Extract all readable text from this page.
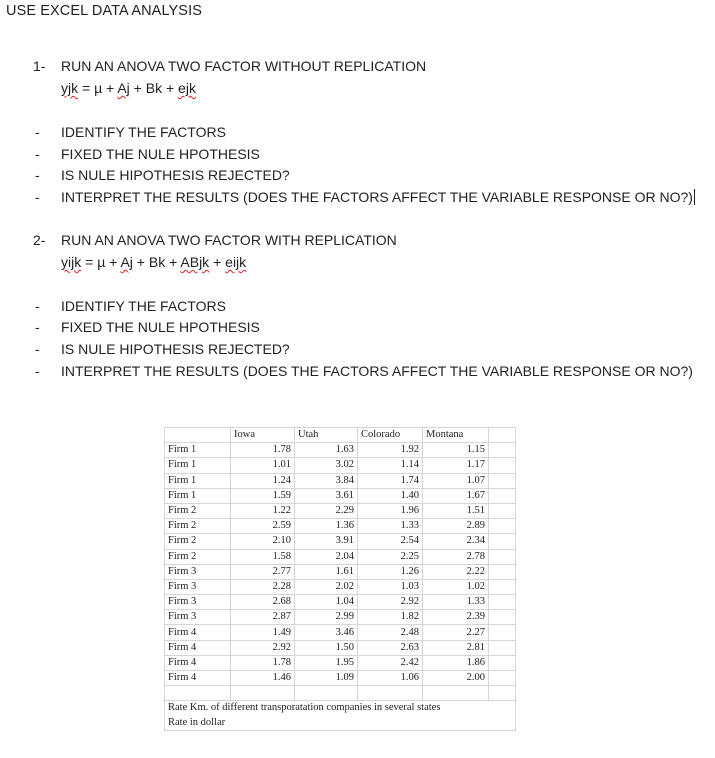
USE EXCEL DATA ANALYSIS
1- RUN AN ANOVA TWO FACTOR WITHOUT REPLICATION
yjk = µ + Aj + Bk + ejk
- IDENTIFY THE FACTORS
- FIXED THE NULE HPOTHESIS
- IS NULE HIPOTHESIS REJECTED?
- INTERPRET THE RESULTS (DOES THE FACTORS AFFECT THE VARIABLE RESPONSE OR NO?)
2- RUN AN ANOVA TWO FACTOR WITH REPLICATION
yijk = µ + Aj + Bk + ABjk + eijk
- IDENTIFY THE FACTORS
- FIXED THE NULE HPOTHESIS
- IS NULE HIPOTHESIS REJECTED?
- INTERPRET THE RESULTS (DOES THE FACTORS AFFECT THE VARIABLE RESPONSE OR NO?)
	Iowa	Utah	Colorado	Montana	
Firm 1	1.78	1.63	1.92	1.15	
Firm 1	1.01	3.02	1.14	1.17	
Firm 1	1.24	3.84	1.74	1.07	
Firm 1	1.59	3.61	1.40	1.67	
Firm 2	1.22	2.29	1.96	1.51	
Firm 2	2.59	1.36	1.33	2.89	
Firm 2	2.10	3.91	2.54	2.34	
Firm 2	1.58	2.04	2.25	2.78	
Firm 3	2.77	1.61	1.26	2.22	
Firm 3	2.28	2.02	1.03	1.02	
Firm 3	2.68	1.04	2.92	1.33	
Firm 3	2.87	2.99	1.82	2.39	
Firm 4	1.49	3.46	2.48	2.27	
Firm 4	2.92	1.50	2.63	2.81	
Firm 4	1.78	1.95	2.42	1.86	
Firm 4	1.46	1.09	1.06	2.00	

Rate Km. of different transporatation companies in several states					
Rate in dollar					
